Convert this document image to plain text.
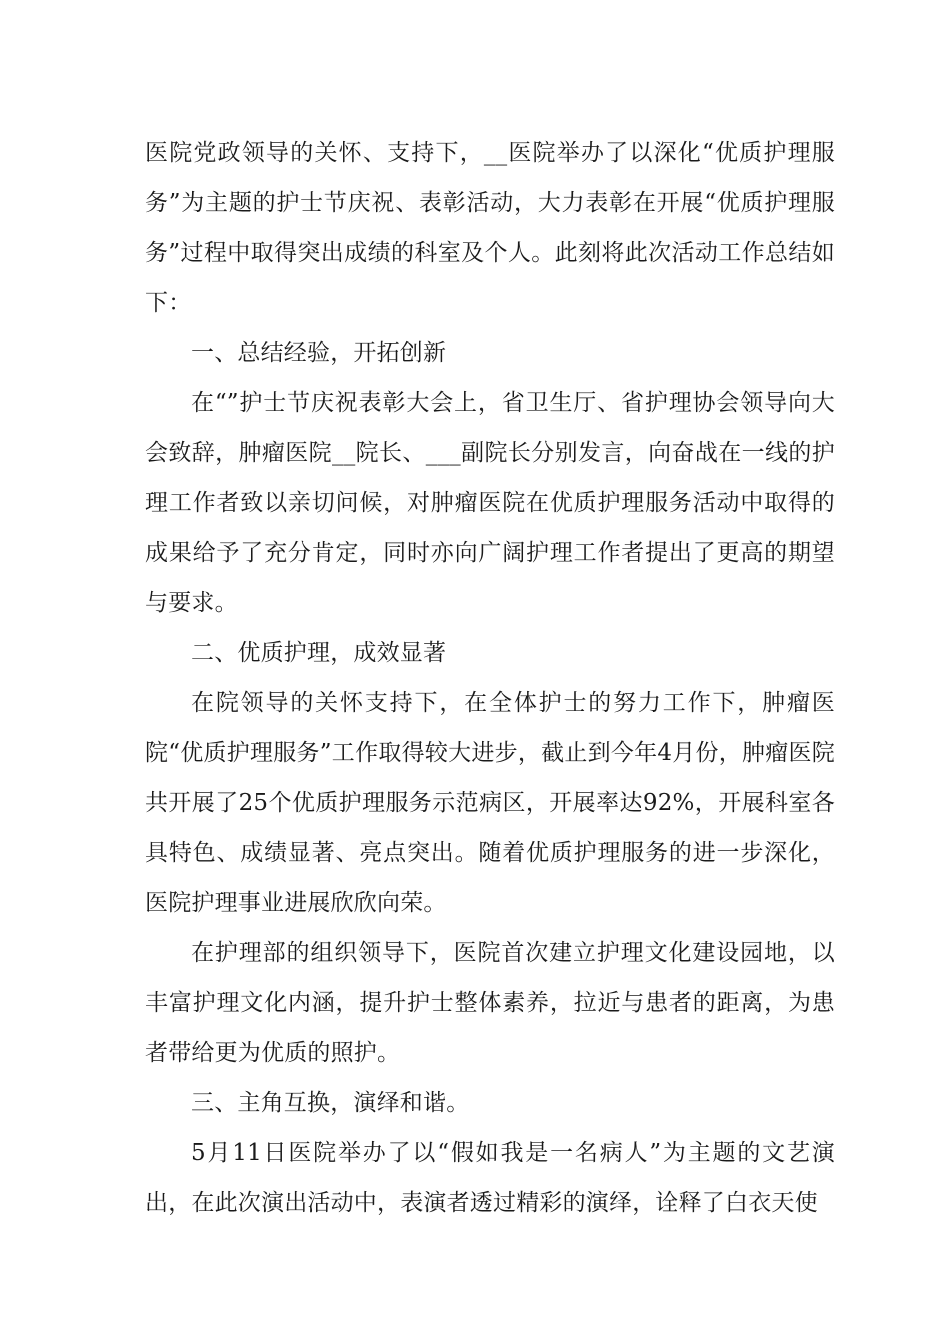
医院党政领导的关怀、支持下，__医院举办了以深化“优质护理服务”为主题的护士节庆祝、表彰活动，大力表彰在开展“优质护理服务”过程中取得突出成绩的科室及个人。此刻将此次活动工作总结如下：

一、总结经验，开拓创新

在“”护士节庆祝表彰大会上，省卫生厅、省护理协会领导向大会致辞，肿瘤医院__院长、___副院长分别发言，向奋战在一线的护理工作者致以亲切问候，对肿瘤医院在优质护理服务活动中取得的成果给予了充分肯定，同时亦向广阔护理工作者提出了更高的期望与要求。

二、优质护理，成效显著

在院领导的关怀支持下，在全体护士的努力工作下，肿瘤医院“优质护理服务”工作取得较大进步，截止到今年4月份，肿瘤医院共开展了25个优质护理服务示范病区，开展率达92%，开展科室各具特色、成绩显著、亮点突出。随着优质护理服务的进一步深化，医院护理事业进展欣欣向荣。

在护理部的组织领导下，医院首次建立护理文化建设园地，以丰富护理文化内涵，提升护士整体素养，拉近与患者的距离，为患者带给更为优质的照护。

三、主角互换，演绎和谐。

5月11日医院举办了以“假如我是一名病人”为主题的文艺演出，在此次演出活动中，表演者透过精彩的演绎，诠释了白衣天使
